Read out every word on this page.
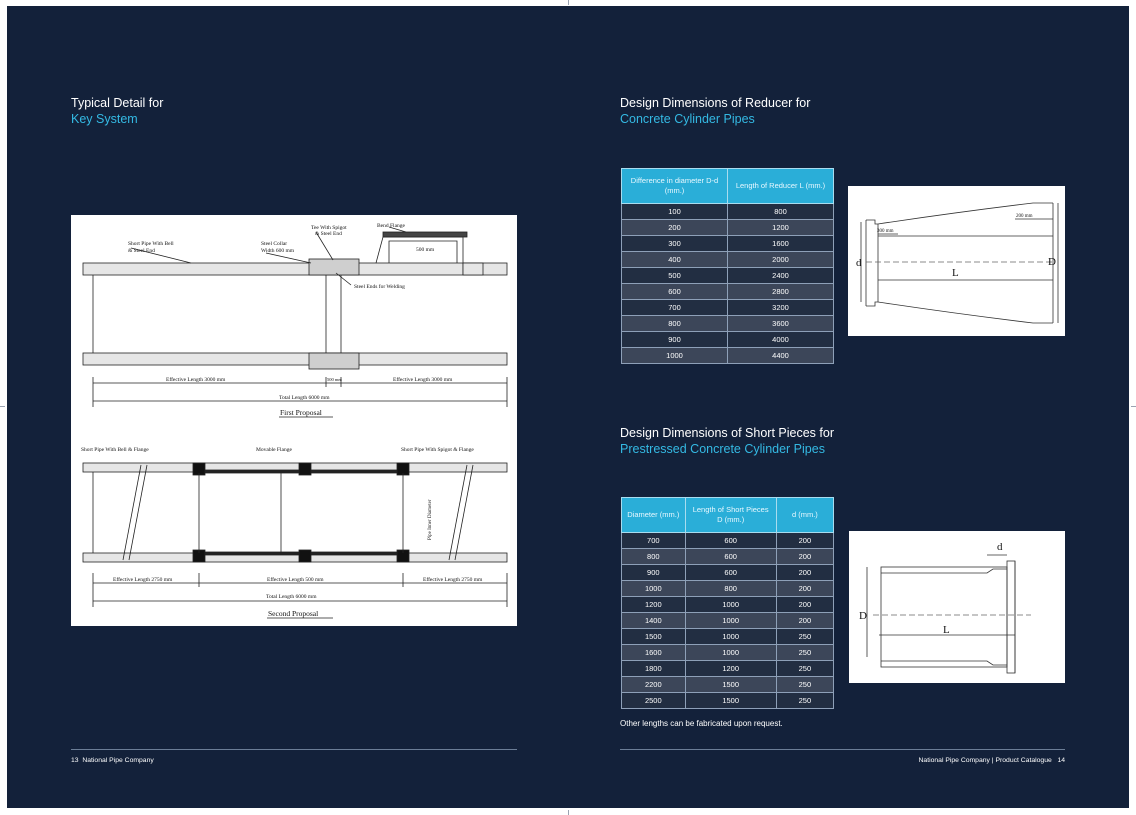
Typical Detail for
Key System
Bend Flange
Tee With Spigot
& Steel End
Short Pipe With Bell
& Steel End
Steel Collar
Width 600 mm	500 mm
Steel Ends for Welding
Effective Length 3000 mm	500 mm	Effective Length 3000 mm
Total Length 6000 mm
First Proposal
Short Pipe With Bell & Flange	Movable Flange	Short Pipe With Spigot & Flange
Pipe Inner Diameter
Effective Length 2750 mm	Effective Length 500 mm	Effective Length 2750 mm
Total Length 6000 mm
Second Proposal
13 National Pipe Company
Design Dimensions of Reducer for
Concrete Cylinder Pipes
Difference in diameter D-d (mm.)	Length of Reducer L (mm.)
100	800
200	1200
300	1600
400	2000
500	2400
600	2800
700	3200
800	3600
900	4000
1000	4400
d	D
L
300 mm
200 mm
Design Dimensions of Short Pieces for
Prestressed Concrete Cylinder Pipes
Diameter (mm.)	Length of Short Pieces D (mm.)	d (mm.)
700	600	200
800	600	200
900	600	200
1000	800	200
1200	1000	200
1400	1000	200
1500	1000	250
1600	1000	250
1800	1200	250
2200	1500	250
2500	1500	250
d
D
L
Other lengths can be fabricated upon request.
National Pipe Company | Product Catalogue 14
